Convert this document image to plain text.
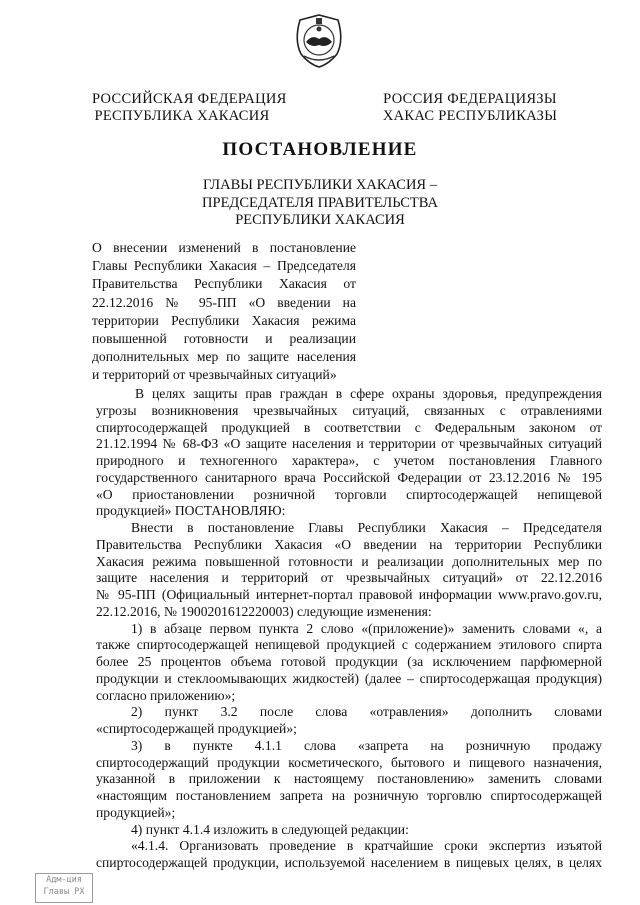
РОССИЙСКАЯ ФЕДЕРАЦИЯ
РЕСПУБЛИКА ХАКАСИЯ
РОССИЯ ФЕДЕРАЦИЯЗЫ
ХАКАС РЕСПУБЛИКАЗЫ
ПОСТАНОВЛЕНИЕ
ГЛАВЫ РЕСПУБЛИКИ ХАКАСИЯ –
ПРЕДСЕДАТЕЛЯ ПРАВИТЕЛЬСТВА
РЕСПУБЛИКИ ХАКАСИЯ
О внесении изменений в постановление
Главы Республики Хакасия – Председателя
Правительства Республики Хакасия от
22.12.2016 № 95-ПП «О введении на
территории Республики Хакасия режима
повышенной готовности и реализации
дополнительных мер по защите населения
и территорий от чрезвычайных ситуаций»
В целях защиты прав граждан в сфере охраны здоровья, предупреждения
угрозы возникновения чрезвычайных ситуаций, связанных с отравлениями
спиртосодержащей продукцией в соответствии с Федеральным законом от
21.12.1994 № 68-ФЗ «О защите населения и территории от чрезвычайных ситуаций
природного и техногенного характера», с учетом постановления Главного
государственного санитарного врача Российской Федерации от 23.12.2016 № 195
«О приостановлении розничной торговли спиртосодержащей непищевой
продукцией» ПОСТАНОВЛЯЮ:
Внести в постановление Главы Республики Хакасия – Председателя
Правительства Республики Хакасия «О введении на территории Республики
Хакасия режима повышенной готовности и реализации дополнительных мер по
защите населения и территорий от чрезвычайных ситуаций» от 22.12.2016
№ 95-ПП (Официальный интернет-портал правовой информации www.pravo.gov.ru,
22.12.2016, № 1900201612220003) следующие изменения:
1) в абзаце первом пункта 2 слово «(приложение)» заменить словами «, а
также спиртосодержащей непищевой продукцией с содержанием этилового спирта
более 25 процентов объема готовой продукции (за исключением парфюмерной
продукции и стеклоомывающих жидкостей) (далее – спиртосодержащая продукция)
согласно приложению»;
2) пункт 3.2 после слова «отравления» дополнить словами
«спиртосодержащей продукцией»;
3) в пункте 4.1.1 слова «запрета на розничную продажу
спиртосодержащий продукции косметического, бытового и пищевого назначения,
указанной в приложении к настоящему постановлению» заменить словами
«настоящим постановлением запрета на розничную торговлю спиртосодержащей
продукцией»;
4) пункт 4.1.4 изложить в следующей редакции:
«4.1.4. Организовать проведение в кратчайшие сроки экспертиз изъятой
спиртосодержащей продукции, используемой населением в пищевых целях, в целях
Адм-ция
Главы РХ
